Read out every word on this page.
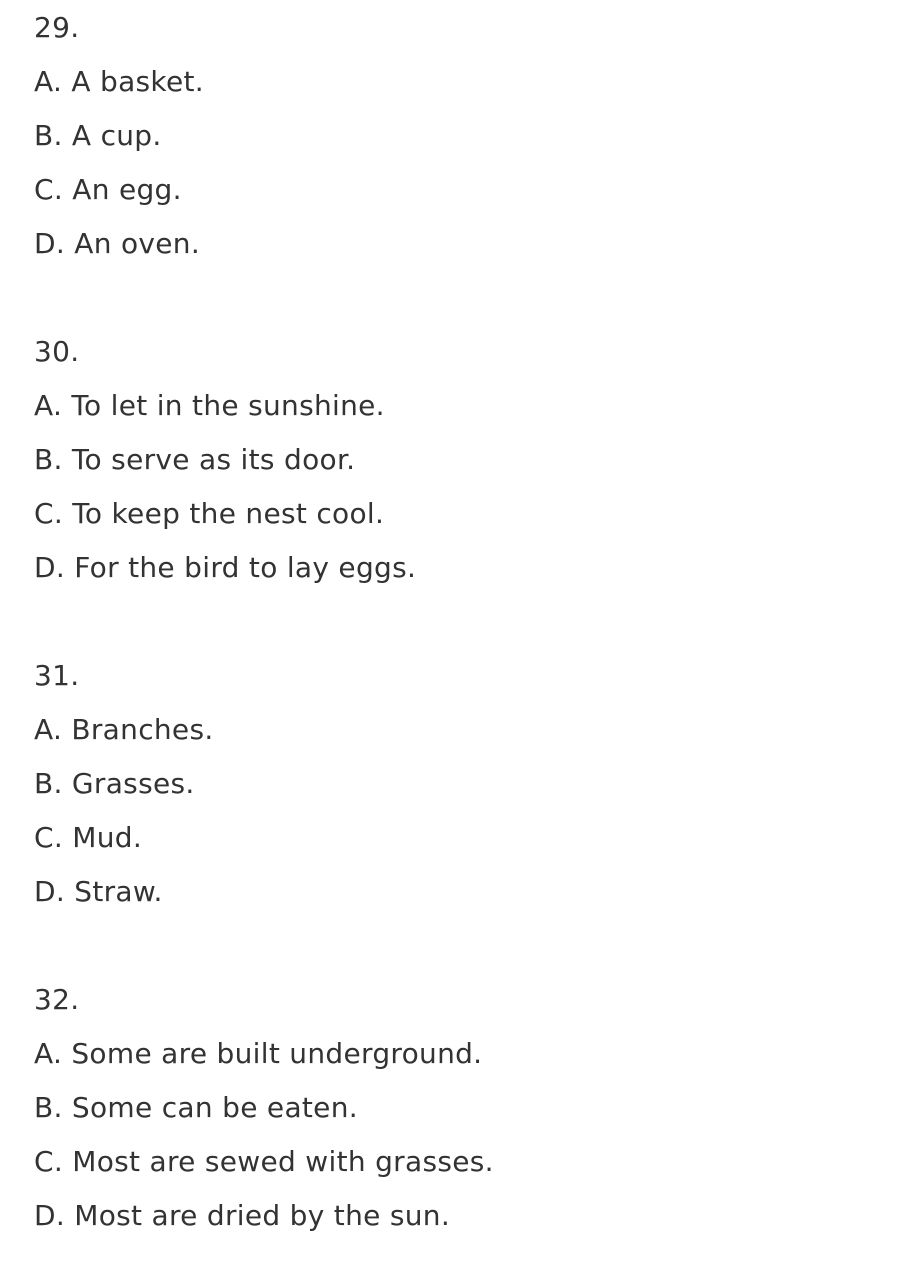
29.
A. A basket.
B. A cup.
C. An egg.
D. An oven.
30.
A. To let in the sunshine.
B. To serve as its door.
C. To keep the nest cool.
D. For the bird to lay eggs.
31.
A. Branches.
B. Grasses.
C. Mud.
D. Straw.
32.
A. Some are built underground.
B. Some can be eaten.
C. Most are sewed with grasses.
D. Most are dried by the sun.
